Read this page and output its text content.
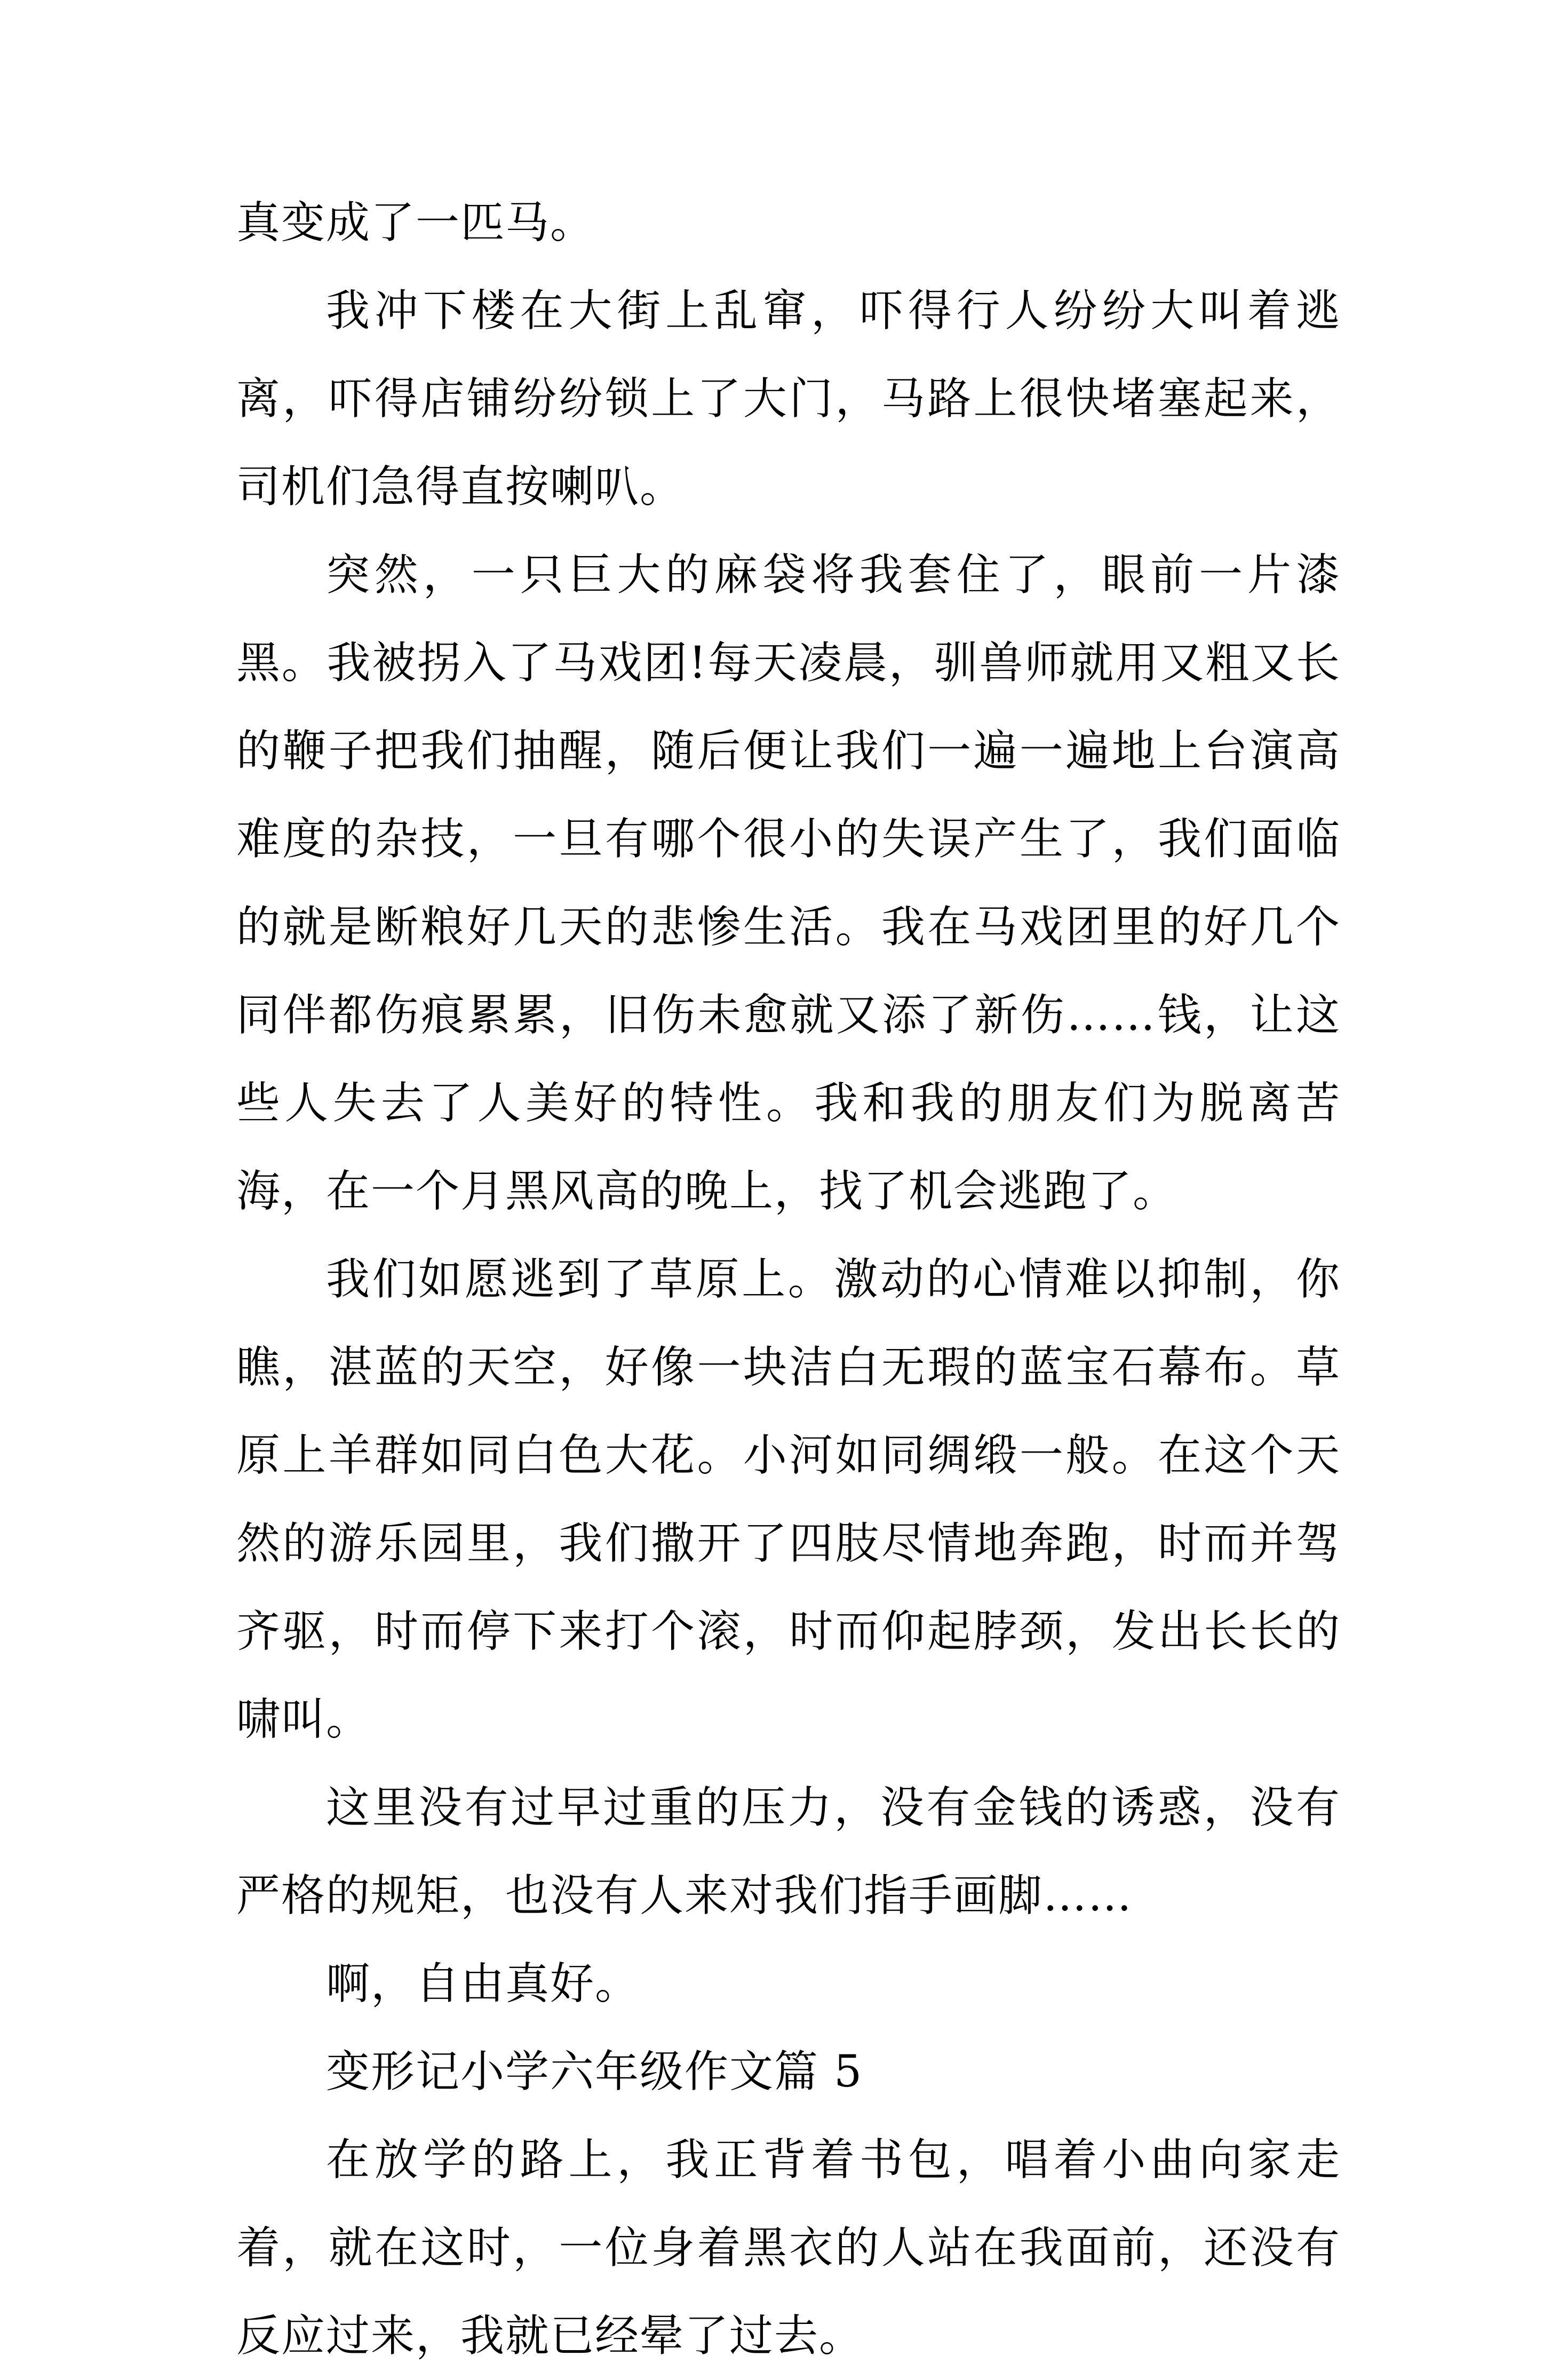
真变成了一匹马。

我冲下楼在大街上乱窜，吓得行人纷纷大叫着逃离，吓得店铺纷纷锁上了大门，马路上很快堵塞起来，司机们急得直按喇叭。

突然，一只巨大的麻袋将我套住了，眼前一片漆黑。我被拐入了马戏团!每天凌晨，驯兽师就用又粗又长的鞭子把我们抽醒，随后便让我们一遍一遍地上台演高难度的杂技，一旦有哪个很小的失误产生了，我们面临的就是断粮好几天的悲惨生活。我在马戏团里的好几个同伴都伤痕累累，旧伤未愈就又添了新伤……钱，让这些人失去了人美好的特性。我和我的朋友们为脱离苦海，在一个月黑风高的晚上，找了机会逃跑了。

我们如愿逃到了草原上。激动的心情难以抑制，你瞧，湛蓝的天空，好像一块洁白无瑕的蓝宝石幕布。草原上羊群如同白色大花。小河如同绸缎一般。在这个天然的游乐园里，我们撒开了四肢尽情地奔跑，时而并驾齐驱，时而停下来打个滚，时而仰起脖颈，发出长长的啸叫。

这里没有过早过重的压力，没有金钱的诱惑，没有严格的规矩，也没有人来对我们指手画脚……

啊，自由真好。

变形记小学六年级作文篇 5

在放学的路上，我正背着书包，唱着小曲向家走着，就在这时，一位身着黑衣的人站在我面前，还没有反应过来，我就已经晕了过去。
